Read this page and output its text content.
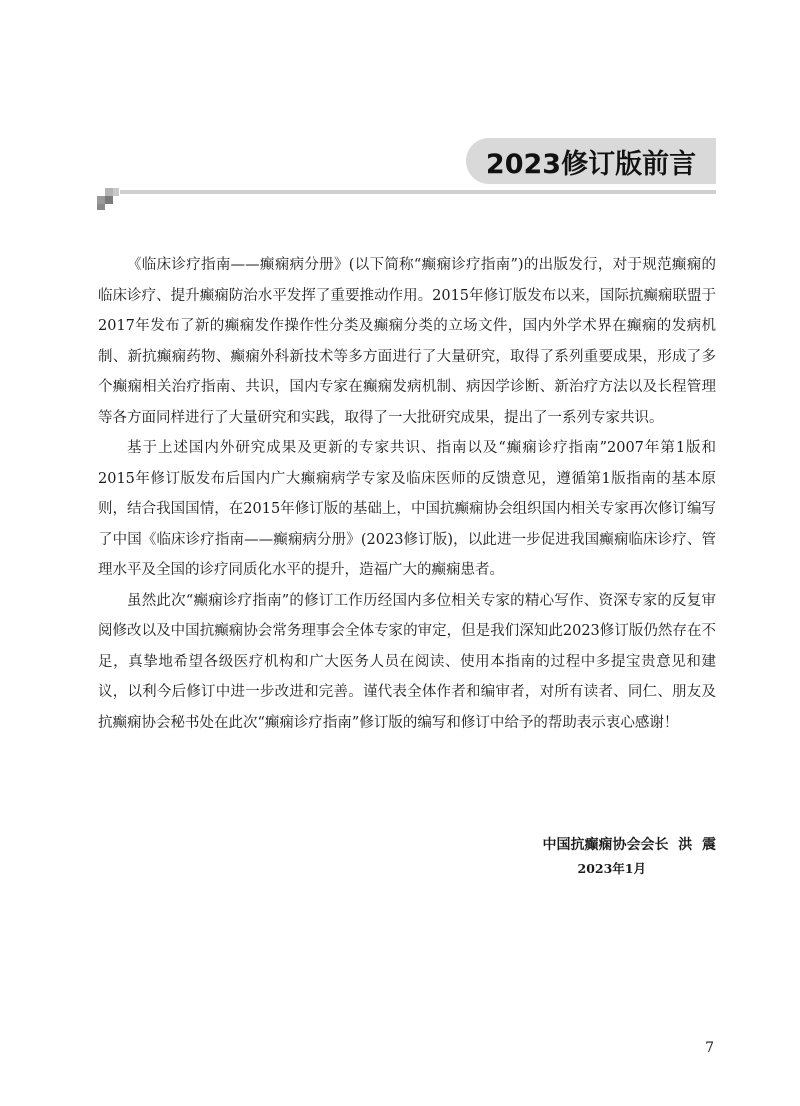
2023修订版前言

《临床诊疗指南——癫痫病分册》(以下简称“癫痫诊疗指南”)的出版发行，对于规范癫痫的临床诊疗、提升癫痫防治水平发挥了重要推动作用。2015年修订版发布以来，国际抗癫痫联盟于2017年发布了新的癫痫发作操作性分类及癫痫分类的立场文件，国内外学术界在癫痫的发病机制、新抗癫痫药物、癫痫外科新技术等多方面进行了大量研究，取得了系列重要成果，形成了多个癫痫相关治疗指南、共识，国内专家在癫痫发病机制、病因学诊断、新治疗方法以及长程管理等各方面同样进行了大量研究和实践，取得了一大批研究成果，提出了一系列专家共识。

基于上述国内外研究成果及更新的专家共识、指南以及“癫痫诊疗指南”2007年第1版和2015年修订版发布后国内广大癫痫病学专家及临床医师的反馈意见，遵循第1版指南的基本原则，结合我国国情，在2015年修订版的基础上，中国抗癫痫协会组织国内相关专家再次修订编写了中国《临床诊疗指南——癫痫病分册》(2023修订版)，以此进一步促进我国癫痫临床诊疗、管理水平及全国的诊疗同质化水平的提升，造福广大的癫痫患者。

虽然此次“癫痫诊疗指南”的修订工作历经国内多位相关专家的精心写作、资深专家的反复审阅修改以及中国抗癫痫协会常务理事会全体专家的审定，但是我们深知此2023修订版仍然存在不足，真挚地希望各级医疗机构和广大医务人员在阅读、使用本指南的过程中多提宝贵意见和建议，以利今后修订中进一步改进和完善。谨代表全体作者和编审者，对所有读者、同仁、朋友及抗癫痫协会秘书处在此次“癫痫诊疗指南”修订版的编写和修订中给予的帮助表示衷心感谢！

中国抗癫痫协会会长  洪  震
2023年1月
7
